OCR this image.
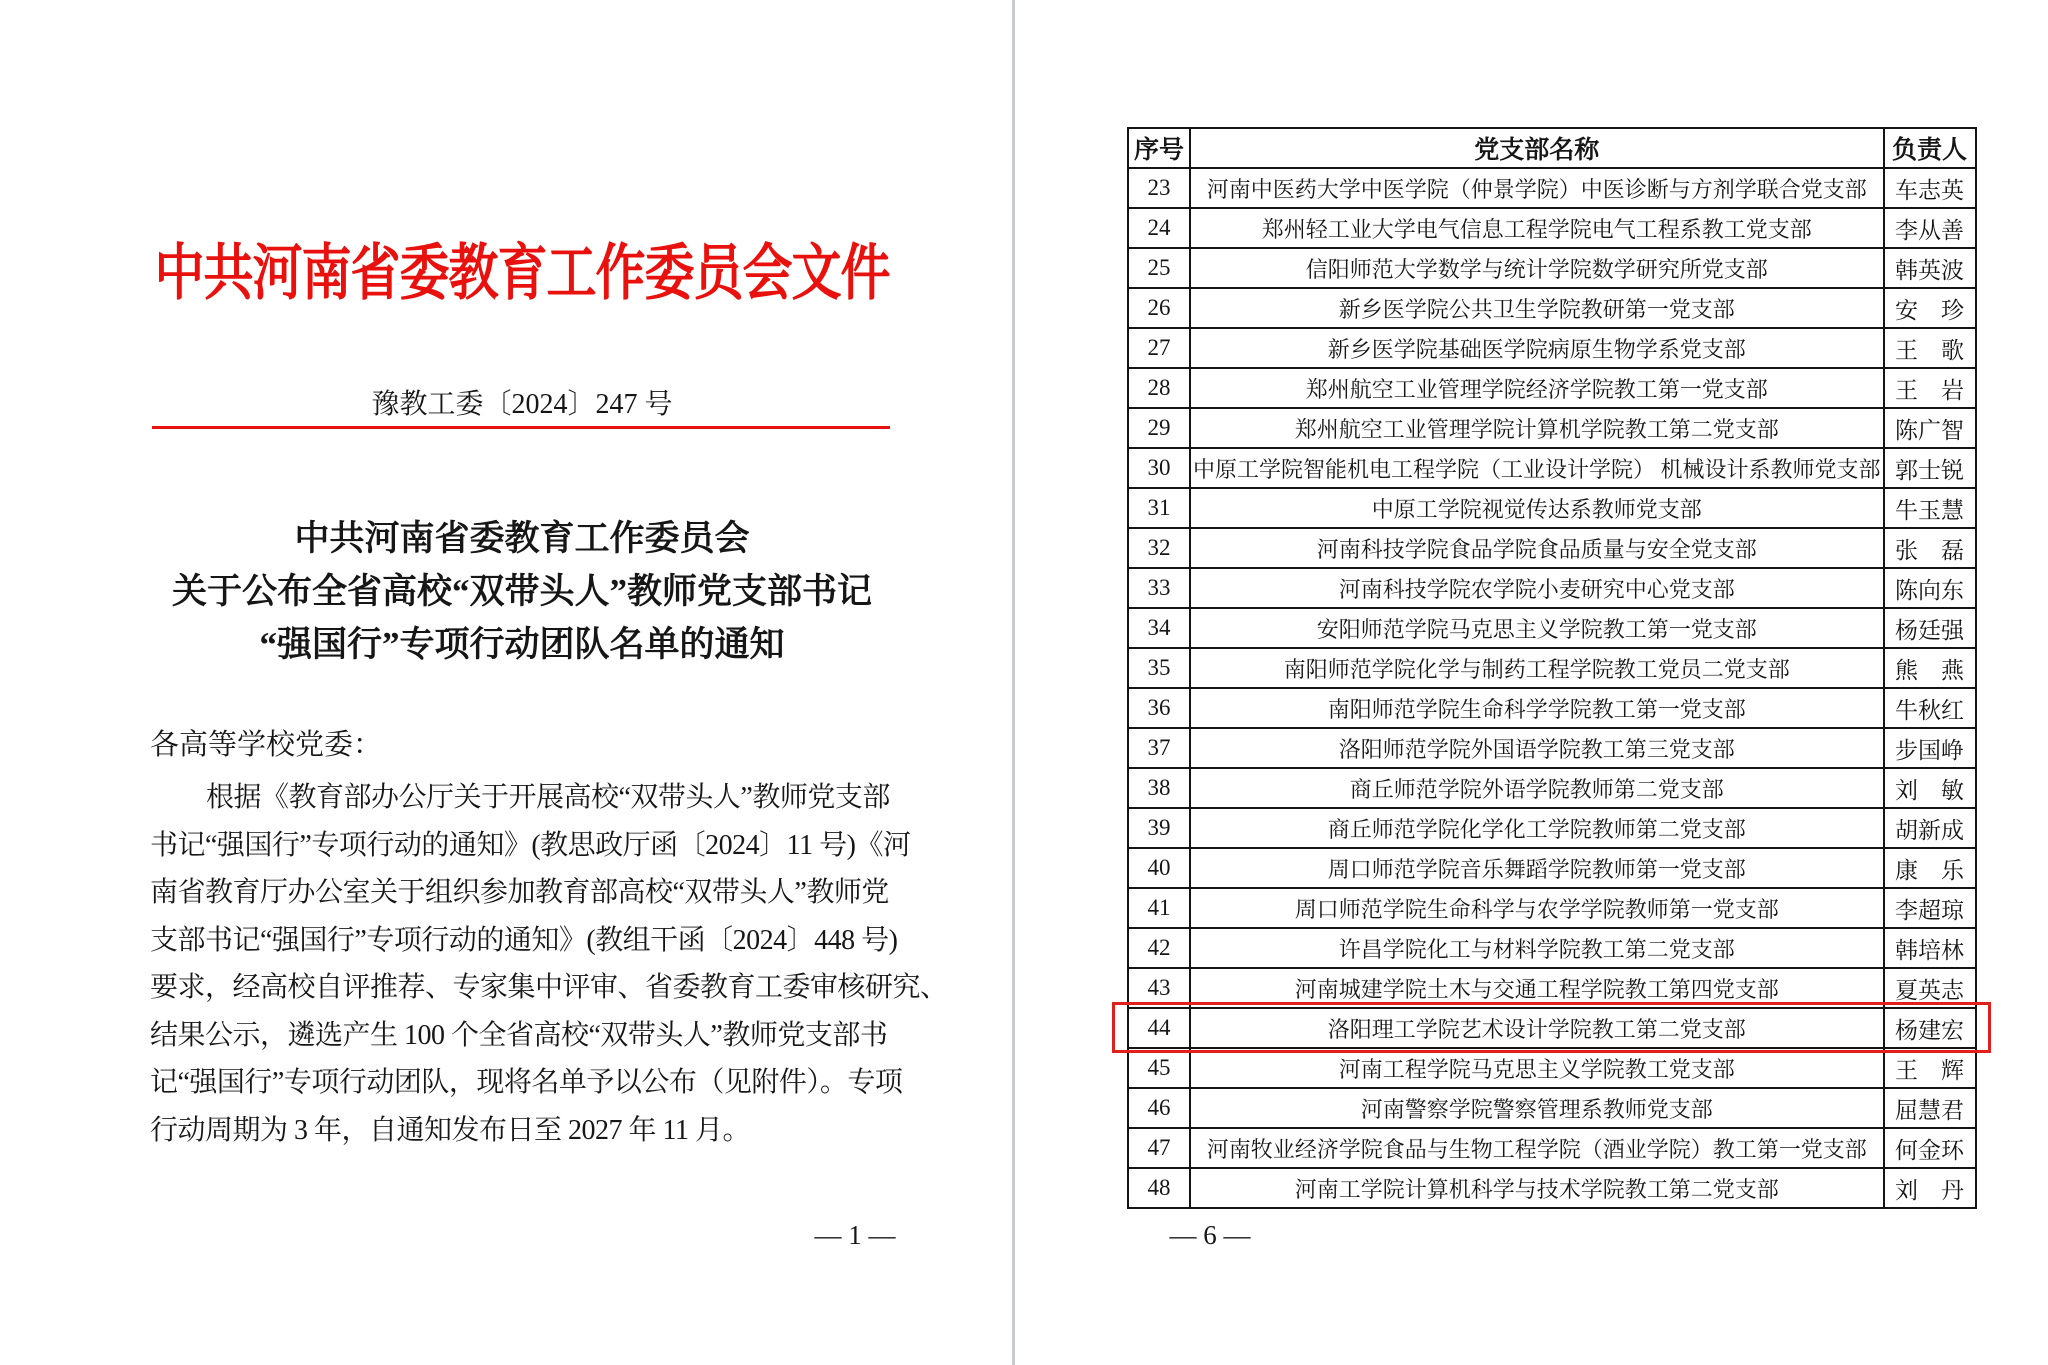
中共河南省委教育工作委员会文件
豫教工委〔2024〕247 号
中共河南省委教育工作委员会
关于公布全省高校“双带头人”教师党支部书记
“强国行”专项行动团队名单的通知
各高等学校党委：
根据《教育部办公厅关于开展高校“双带头人”教师党支部
书记“强国行”专项行动的通知》(教思政厅函〔2024〕11 号)《河
南省教育厅办公室关于组织参加教育部高校“双带头人”教师党
支部书记“强国行”专项行动的通知》(教组干函〔2024〕448 号)
要求，经高校自评推荐、专家集中评审、省委教育工委审核研究、
结果公示，遴选产生 100 个全省高校“双带头人”教师党支部书
记“强国行”专项行动团队，现将名单予以公布（见附件）。专项
行动周期为 3 年，自通知发布日至 2027 年 11 月。
— 1 —
序号	党支部名称	负责人
23	河南中医药大学中医学院（仲景学院）中医诊断与方剂学联合党支部	车志英
24	郑州轻工业大学电气信息工程学院电气工程系教工党支部	李从善
25	信阳师范大学数学与统计学院数学研究所党支部	韩英波
26	新乡医学院公共卫生学院教研第一党支部	安　珍
27	新乡医学院基础医学院病原生物学系党支部	王　歌
28	郑州航空工业管理学院经济学院教工第一党支部	王　岩
29	郑州航空工业管理学院计算机学院教工第二党支部	陈广智
30	中原工学院智能机电工程学院（工业设计学院） 机械设计系教师党支部	郭士锐
31	中原工学院视觉传达系教师党支部	牛玉慧
32	河南科技学院食品学院食品质量与安全党支部	张　磊
33	河南科技学院农学院小麦研究中心党支部	陈向东
34	安阳师范学院马克思主义学院教工第一党支部	杨廷强
35	南阳师范学院化学与制药工程学院教工党员二党支部	熊　燕
36	南阳师范学院生命科学学院教工第一党支部	牛秋红
37	洛阳师范学院外国语学院教工第三党支部	步国峥
38	商丘师范学院外语学院教师第二党支部	刘　敏
39	商丘师范学院化学化工学院教师第二党支部	胡新成
40	周口师范学院音乐舞蹈学院教师第一党支部	康　乐
41	周口师范学院生命科学与农学学院教师第一党支部	李超琼
42	许昌学院化工与材料学院教工第二党支部	韩培林
43	河南城建学院土木与交通工程学院教工第四党支部	夏英志
44	洛阳理工学院艺术设计学院教工第二党支部	杨建宏
45	河南工程学院马克思主义学院教工党支部	王　辉
46	河南警察学院警察管理系教师党支部	屈慧君
47	河南牧业经济学院食品与生物工程学院（酒业学院）教工第一党支部	何金环
48	河南工学院计算机科学与技术学院教工第二党支部	刘　丹
— 6 —
